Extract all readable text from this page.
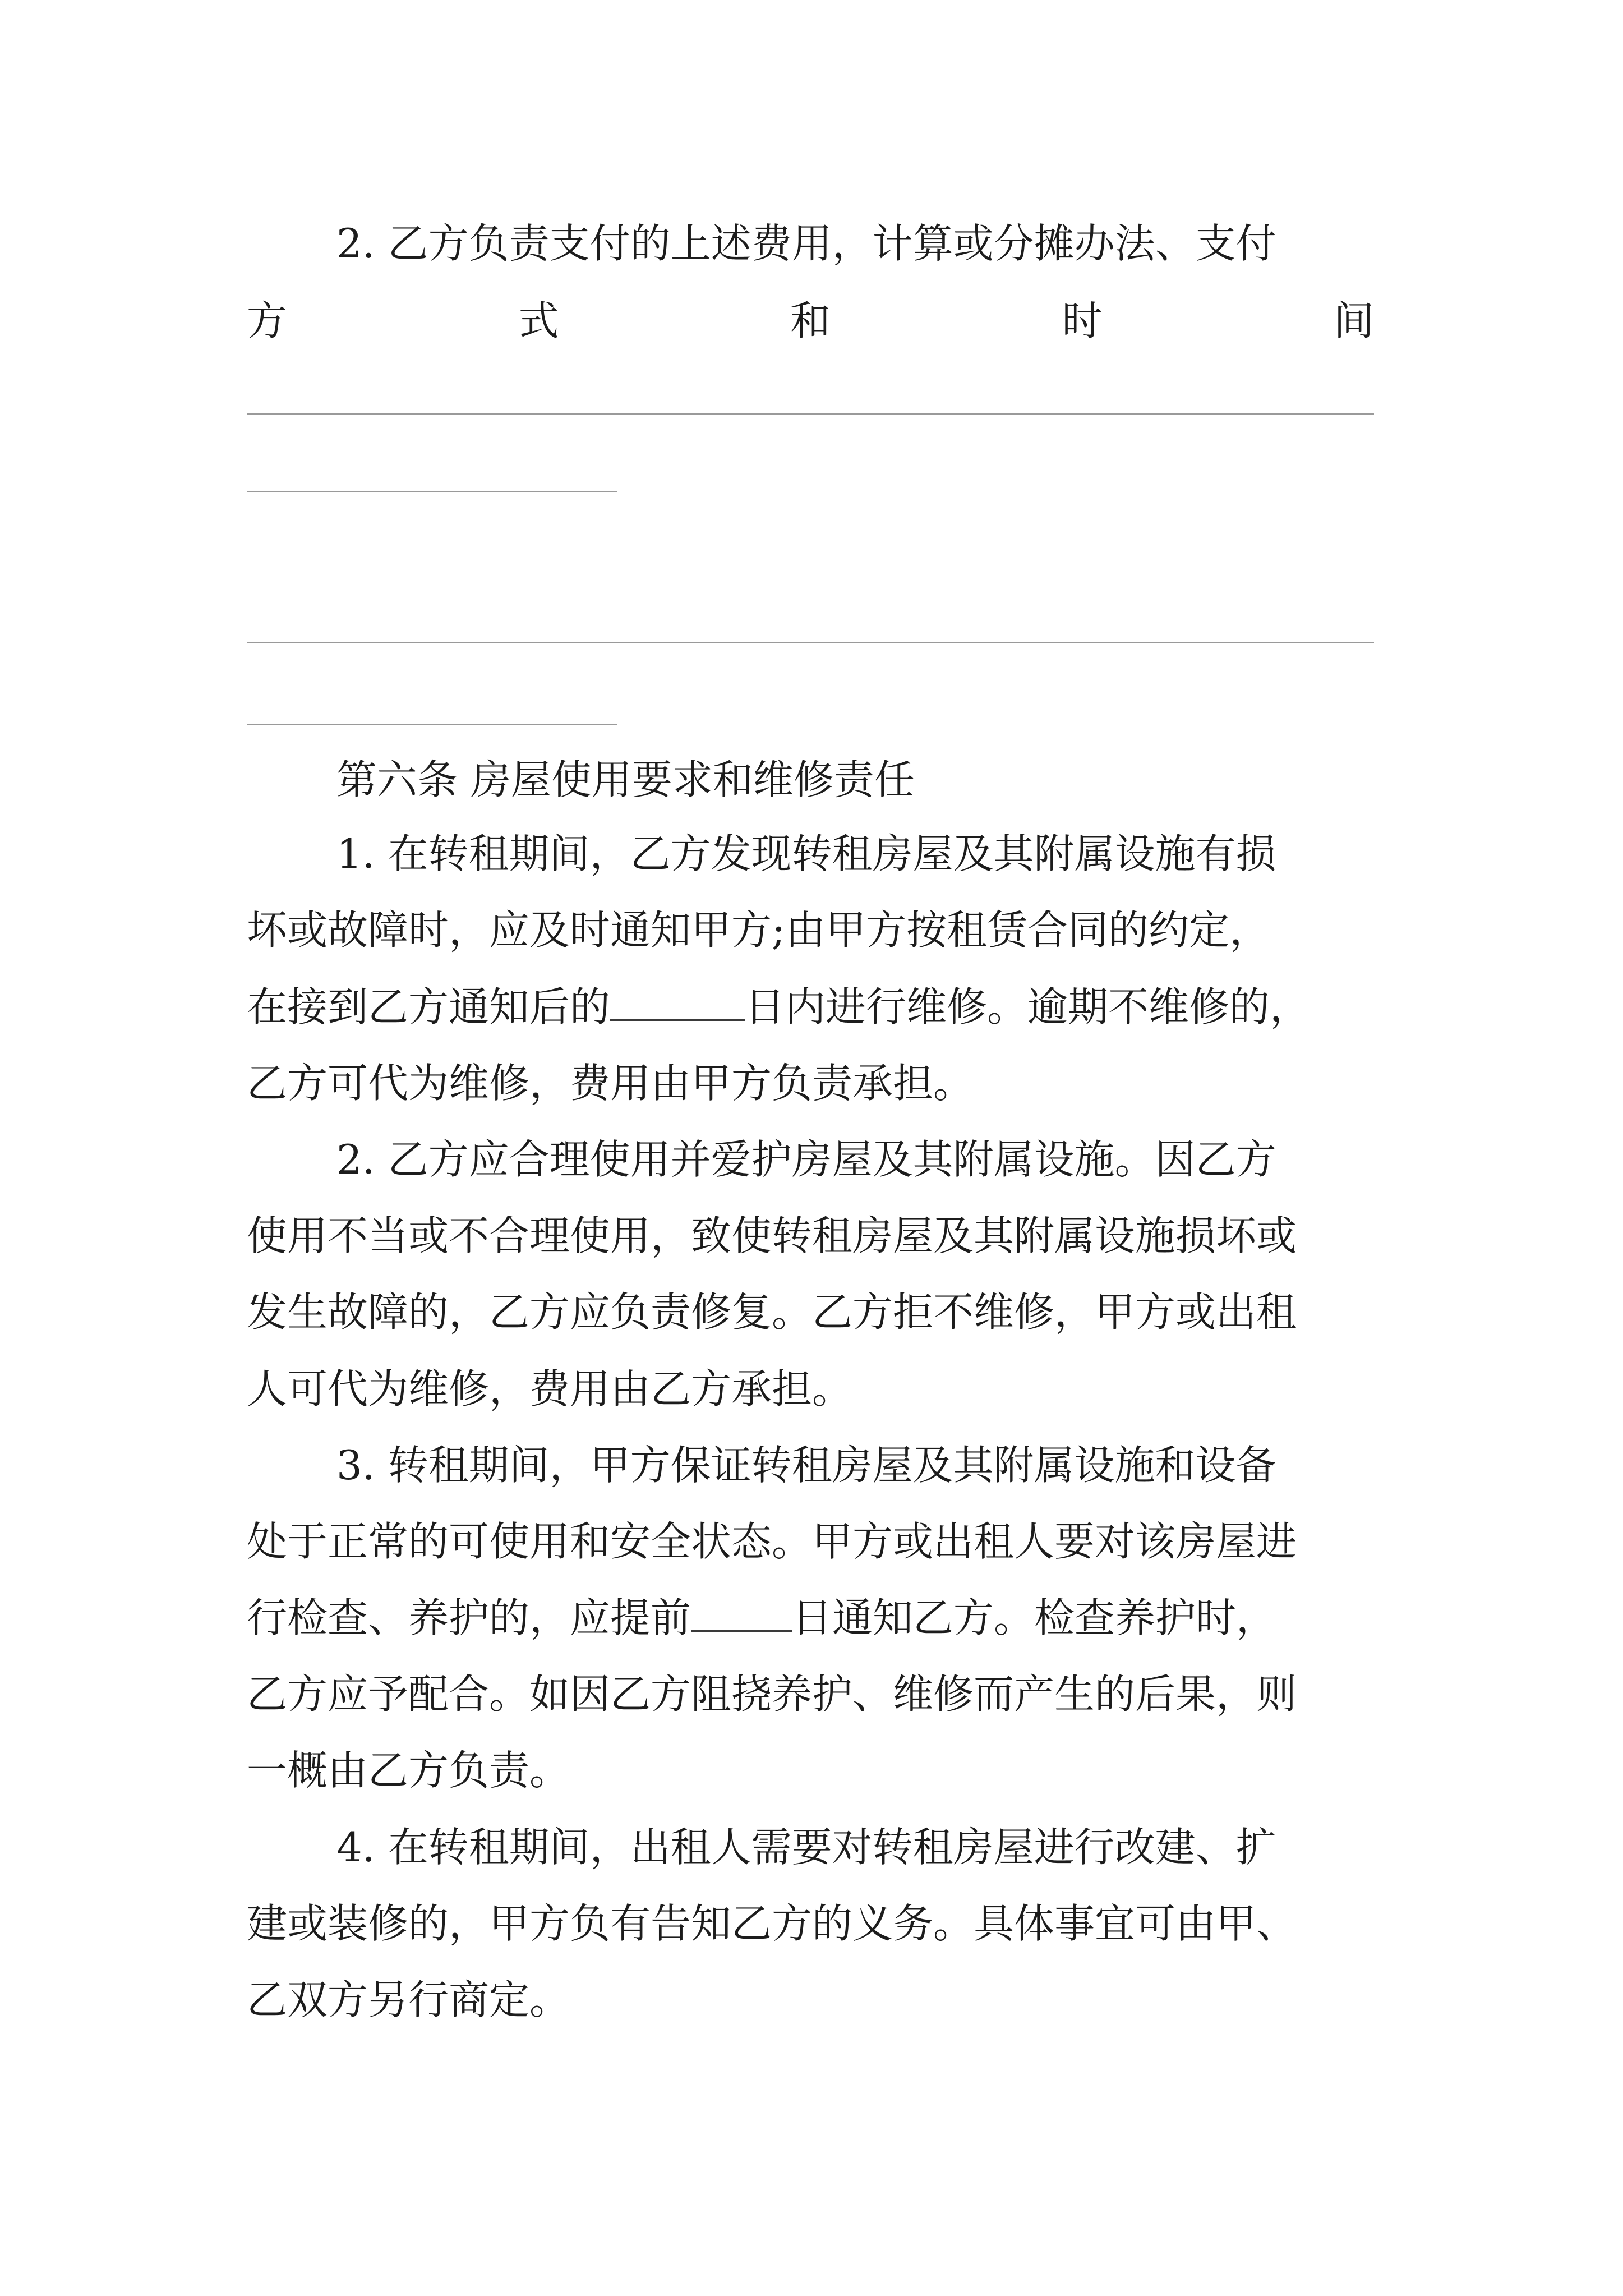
2. 乙方负责支付的上述费用，计算或分摊办法、支付
方	式	和	时	间
第六条 房屋使用要求和维修责任
1. 在转租期间，乙方发现转租房屋及其附属设施有损
坏或故障时，应及时通知甲方;由甲方按租赁合同的约定，
在接到乙方通知后的	日内进行维修。逾期不维修的，
乙方可代为维修，费用由甲方负责承担。
2. 乙方应合理使用并爱护房屋及其附属设施。因乙方
使用不当或不合理使用，致使转租房屋及其附属设施损坏或
发生故障的，乙方应负责修复。乙方拒不维修，甲方或出租
人可代为维修，费用由乙方承担。
3. 转租期间，甲方保证转租房屋及其附属设施和设备
处于正常的可使用和安全状态。甲方或出租人要对该房屋进
行检查、养护的，应提前	日通知乙方。检查养护时，
乙方应予配合。如因乙方阻挠养护、维修而产生的后果，则
一概由乙方负责。
4. 在转租期间，出租人需要对转租房屋进行改建、扩
建或装修的，甲方负有告知乙方的义务。具体事宜可由甲、
乙双方另行商定。
